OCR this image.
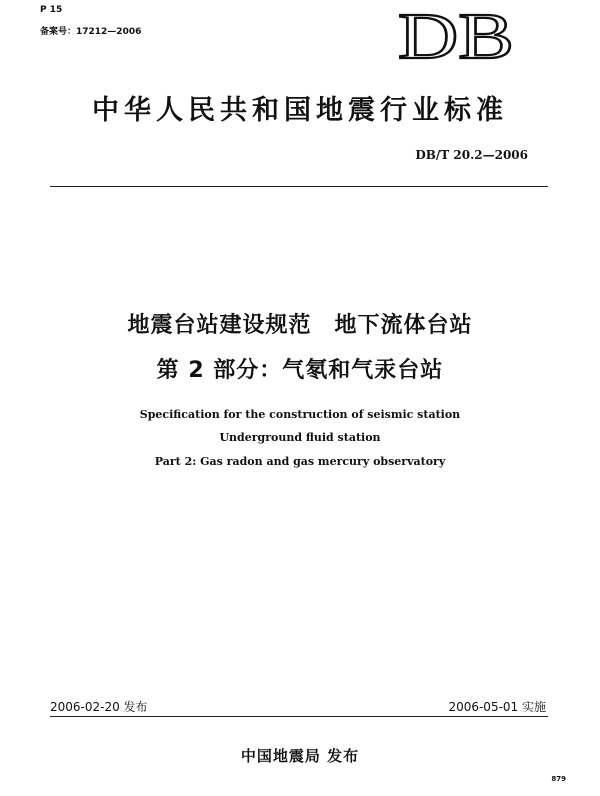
P 15
备案号：17212—2006	DB
中华人民共和国地震行业标准
DB/T 20.2—2006
地震台站建设规范　地下流体台站
第 2 部分：气氡和气汞台站
Specification for the construction of seismic station
Underground fluid station
Part 2: Gas radon and gas mercury observatory
2006-02-20 发布	2006-05-01 实施
中国地震局 发布
879
